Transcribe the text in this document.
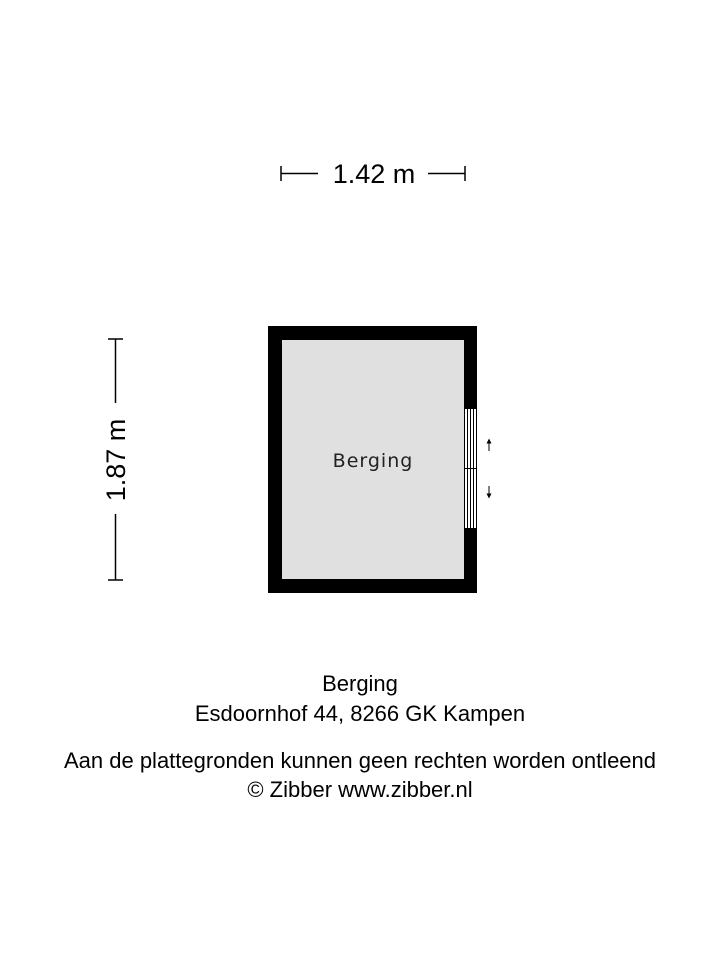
1.42 m
1.87 m	Berging
Berging
Esdoornhof 44, 8266 GK Kampen
Aan de plattegronden kunnen geen rechten worden ontleend
© Zibber www.zibber.nl
